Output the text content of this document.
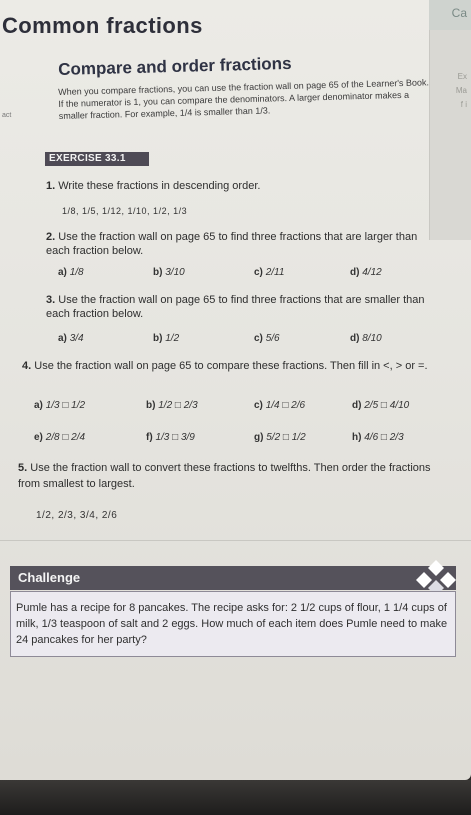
Ca
Ex
Ma
f i
Common fractions
act
Compare and order fractions
When you compare fractions, you can use the fraction wall on page 65 of the Learner's Book. If the numerator is 1, you can compare the denominators. A larger denominator makes a smaller fraction. For example, 1/4 is smaller than 1/3.
EXERCISE 33.1
1. Write these fractions in descending order.
1/8, 1/5, 1/12, 1/10, 1/2, 1/3
2. Use the fraction wall on page 65 to find three fractions that are larger than each fraction below.
a) 1/8	b) 3/10	c) 2/11	d) 4/12
3. Use the fraction wall on page 65 to find three fractions that are smaller than each fraction below.
a) 3/4	b) 1/2	c) 5/6	d) 8/10
4. Use the fraction wall on page 65 to compare these fractions. Then fill in <, > or =.
a) 1/3 □ 1/2	b) 1/2 □ 2/3	c) 1/4 □ 2/6	d) 2/5 □ 4/10
e) 2/8 □ 2/4	f) 1/3 □ 3/9	g) 5/2 □ 1/2	h) 4/6 □ 2/3
5. Use the fraction wall to convert these fractions to twelfths. Then order the fractions from smallest to largest.
1/2, 2/3, 3/4, 2/6
Challenge
Pumle has a recipe for 8 pancakes. The recipe asks for: 2 1/2 cups of flour, 1 1/4 cups of milk, 1/3 teaspoon of salt and 2 eggs. How much of each item does Pumle need to make 24 pancakes for her party?
